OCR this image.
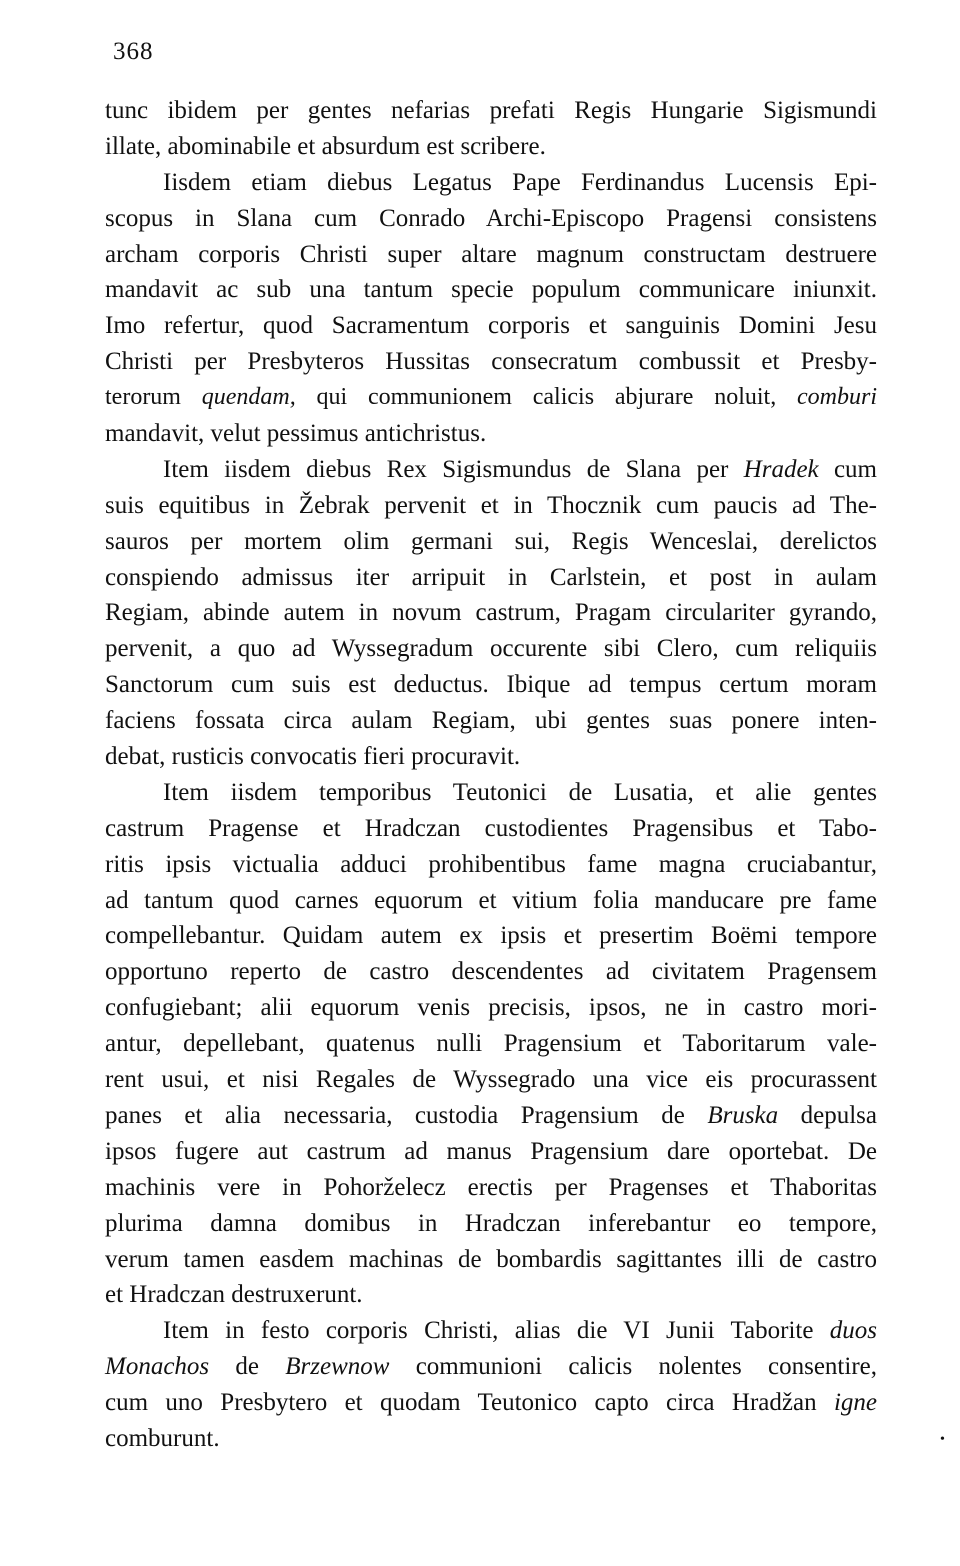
368
tunc ibidem per gentes nefarias prefati Regis Hungarie Sigismundi
illate, abominabile et absurdum est scribere.
Iisdem etiam diebus Legatus Pape Ferdinandus Lucensis Epi-
scopus in Slana cum Conrado Archi-Episcopo Pragensi consistens
archam corporis Christi super altare magnum constructam destruere
mandavit ac sub una tantum specie populum communicare iniunxit.
Imo refertur, quod Sacramentum corporis et sanguinis Domini Jesu
Christi per Presbyteros Hussitas consecratum combussit et Presby-
terorum quendam, qui communionem calicis abjurare noluit, comburi
mandavit, velut pessimus antichristus.
Item iisdem diebus Rex Sigismundus de Slana per Hradek cum
suis equitibus in Žebrak pervenit et in Thocznik cum paucis ad The-
sauros per mortem olim germani sui, Regis Wenceslai, derelictos
conspiendo admissus iter arripuit in Carlstein, et post in aulam
Regiam, abinde autem in novum castrum, Pragam circulariter gyrando,
pervenit, a quo ad Wyssegradum occurente sibi Clero, cum reliquiis
Sanctorum cum suis est deductus. Ibique ad tempus certum moram
faciens fossata circa aulam Regiam, ubi gentes suas ponere inten-
debat, rusticis convocatis fieri procuravit.
Item iisdem temporibus Teutonici de Lusatia, et alie gentes
castrum Pragense et Hradczan custodientes Pragensibus et Tabo-
ritis ipsis victualia adduci prohibentibus fame magna cruciabantur,
ad tantum quod carnes equorum et vitium folia manducare pre fame
compellebantur. Quidam autem ex ipsis et presertim Boëmi tempore
opportuno reperto de castro descendentes ad civitatem Pragensem
confugiebant; alii equorum venis precisis, ipsos, ne in castro mori-
antur, depellebant, quatenus nulli Pragensium et Taboritarum vale-
rent usui, et nisi Regales de Wyssegrado una vice eis procurassent
panes et alia necessaria, custodia Pragensium de Bruska depulsa
ipsos fugere aut castrum ad manus Pragensium dare oportebat. De
machinis vere in Pohorželecz erectis per Pragenses et Thaboritas
plurima damna domibus in Hradczan inferebantur eo tempore,
verum tamen easdem machinas de bombardis sagittantes illi de castro
et Hradczan destruxerunt.
Item in festo corporis Christi, alias die VI Junii Taborite duos
Monachos de Brzewnow communioni calicis nolentes consentire,
cum uno Presbytero et quodam Teutonico capto circa Hradžan igne
comburunt.	•
